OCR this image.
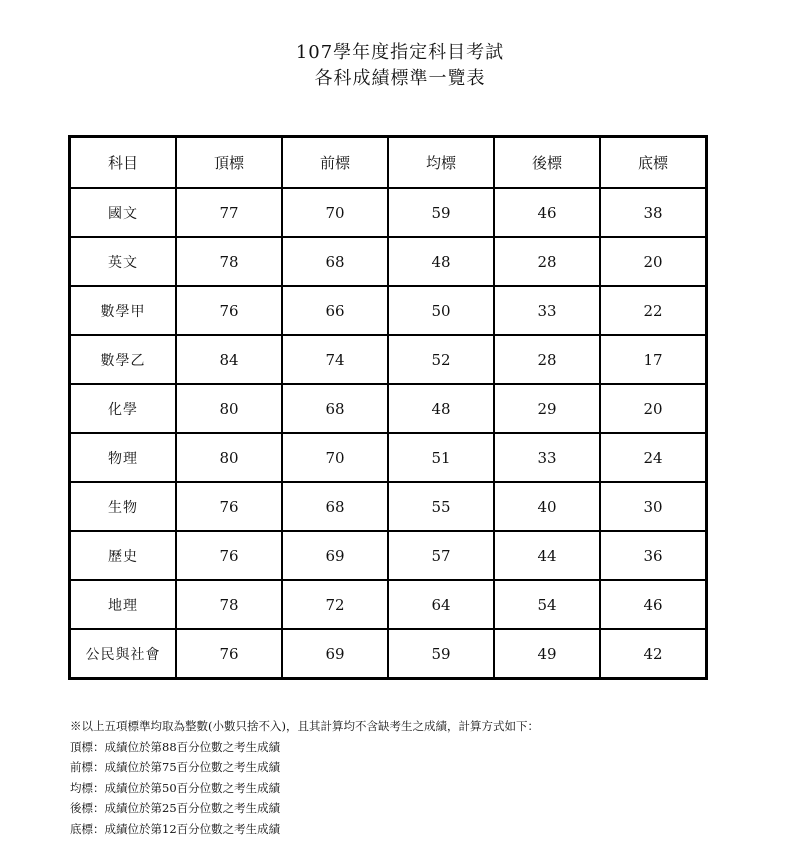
107學年度指定科目考試
各科成績標準一覽表
科目	頂標	前標	均標	後標	底標
國文	77	70	59	46	38
英文	78	68	48	28	20
數學甲	76	66	50	33	22
數學乙	84	74	52	28	17
化學	80	68	48	29	20
物理	80	70	51	33	24
生物	76	68	55	40	30
歷史	76	69	57	44	36
地理	78	72	64	54	46
公民與社會	76	69	59	49	42
※以上五項標準均取為整數(小數只捨不入)，且其計算均不含缺考生之成績，計算方式如下：
頂標：成績位於第88百分位數之考生成績
前標：成績位於第75百分位數之考生成績
均標：成績位於第50百分位數之考生成績
後標：成績位於第25百分位數之考生成績
底標：成績位於第12百分位數之考生成績
